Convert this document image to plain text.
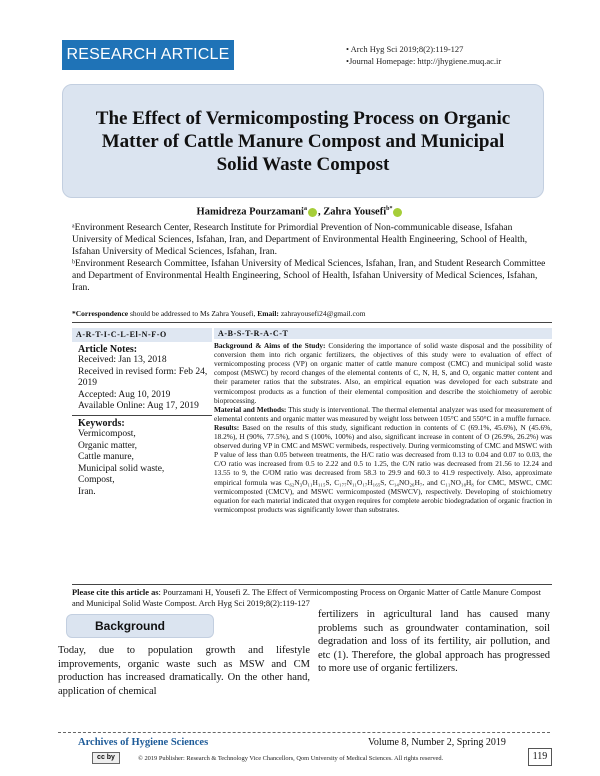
RESEARCH ARTICLE	• Arch Hyg Sci 2019;8(2):119-127
•Journal Homepage: http://jhygiene.muq.ac.ir
The Effect of Vermicomposting Process on Organic Matter of Cattle Manure Compost and Municipal Solid Waste Compost
Hamidreza Pourzamani$^a$ , Zahra Yousefi$^{b*}$

ᵃEnvironment Research Center, Research Institute for Primordial Prevention of Non-communicable disease, Isfahan University of Medical Sciences, Isfahan, Iran, and Department of Environmental Health Engineering, School of Health, Isfahan University of Medical Sciences, Isfahan, Iran.

ᵇEnvironment Research Committee, Isfahan University of Medical Sciences, Isfahan, Iran, and Student Research Committee and Department of Environmental Health Engineering, School of Health, Isfahan University of Medical Sciences, Isfahan, Iran.

*Correspondence should be addressed to Ms Zahra Yousefi, Email: zahrayousefi24@gmail.com
A-R-T-I-C-L-El-N-F-O
Article Notes:
Received: Jan 13, 2018
Received in revised form: Feb 24, 2019
Accepted: Aug 10, 2019
Available Online: Aug 17, 2019
Keywords:
Vermicompost,
Organic matter,
Cattle manure,
Municipal solid waste,
Compost,
Iran.
A-B-S-T-R-A-C-T

Background & Aims of the Study: Considering the importance of solid waste disposal and the possibility of conversion them into rich organic fertilizers, the objectives of this study were to evaluation of effect of vermicomposting process (VP) on organic matter of cattle manure compost (CMC) and municipal solid waste compost (MSWC) by record changes of the elemental contents of C, N, H, S, and O, organic matter content and their parameter ratios that the substrates. Also, an empirical equation was developed for each substrate and vermicompost products as a function of their elemental composition and describe the stoichiometry of aerobic bioprocessing.

Material and Methods: This study is interventional. The thermal elemental analyzer was used for measurement of elemental contents and organic matter was measured by weight loss between 105°C and 550°C in a muffle furnace.

Results: Based on the results of this study, significant reduction in contents of C (69.1%, 45.6%), N (45.6%, 18.2%), H (90%, 77.5%), and S (100%, 100%) and also, significant increase in content of O (26.9%, 26.2%) was observed during VP in CMC and MSWC vermibeds, respectively. During vermicomsting of CMC and MSWC with P value of less than 0.05 between treatments, the H/C ratio was decreased from 0.13 to 0.04 and 0.07 to 0.03, the C/O ratio was increased from 0.5 to 2.22 and 0.5 to 1.25, the C/N ratio was decreased from 21.56 to 12.24 and 13.55 to 9, the C/OM ratio was decreased from 58.3 to 29.9 and 60.3 to 41.9 respectively. Also, approximate empirical formula was C₆₂N₃O₁₁H₁₁₅S, C₁₇₇N₁₁O₁₇H₁₆₅S, C₁₄NO₂₆H₇, and C₁₁NO₁₈H₈ for CMC, MSWC, CMC vermicomposted (CMCV), and MSWC vermicomposted (MSWCV), respectively. Developing of stoichiometry equation for each material indicated that oxygen requires for complete aerobic biodegradation of organic fraction in vermicompost products was significantly lower than substrates.

Please cite this article as: Pourzamani H, Yousefi Z. The Effect of Vermicomposting Process on Organic Matter of Cattle Manure Compost and Municipal Solid Waste Compost. Arch Hyg Sci 2019;8(2):119-127
Background
Today, due to population growth and lifestyle improvements, organic waste such as MSW and CM production has increased dramatically. On the other hand, application of chemical
fertilizers in agricultural land has caused many problems such as groundwater contamination, soil degradation and loss of its fertility, air pollution, and etc (1). Therefore, the global approach has progressed to more use of organic fertilizers.
Archives of Hygiene Sciences	Volume 8, Number 2, Spring 2019
cc by	© 2019 Publisher: Research & Technology Vice Chancellors, Qom University of Medical Sciences. All rights reserved.	119
